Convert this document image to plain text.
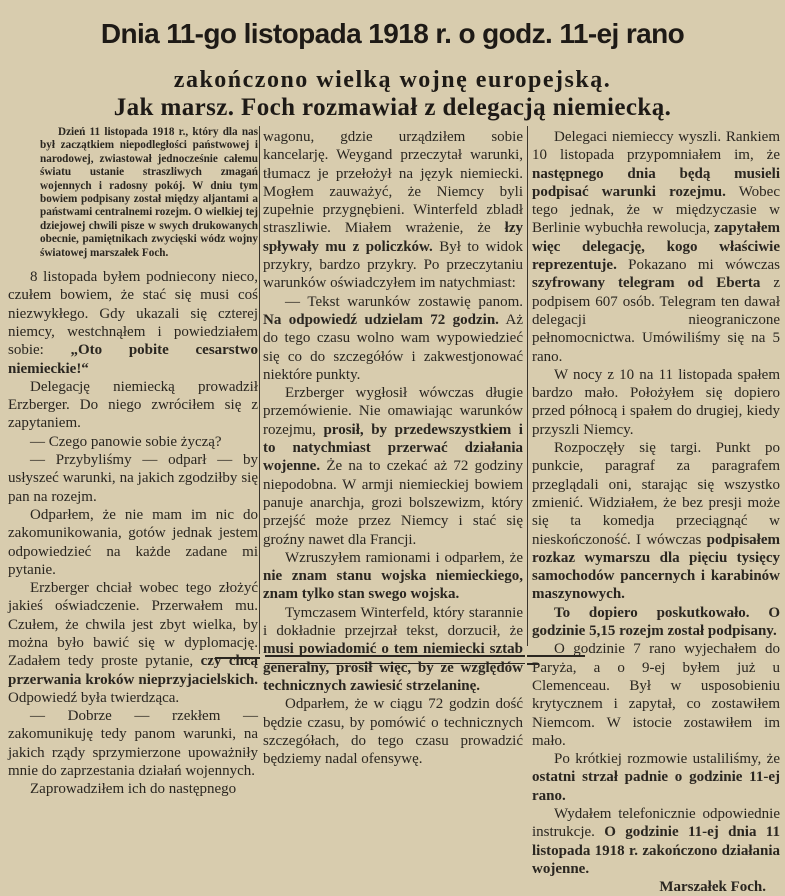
Dnia 11-go listopada 1918 r. o godz. 11-ej rano
zakończono wielką wojnę europejską.
Jak marsz. Foch rozmawiał z delegacją niemiecką.

Dzień 11 listopada 1918 r., który dla nas był zaczątkiem niepodległości państwowej i narodowej, zwiastował jednocześnie całemu światu ustanie straszliwych zmagań wojennych i radosny pokój. W dniu tym bowiem podpisany został między aljantami a państwami centralnemi rozejm. O wielkiej tej dziejowej chwili pisze w swych drukowanych obecnie, pamiętnikach zwycięski wódz wojny światowej marszałek Foch.

8 listopada byłem podniecony nieco, czułem bowiem, że stać się musi coś niezwykłego. Gdy ukazali się czterej niemcy, westchnąłem i powiedziałem sobie: „Oto pobite cesarstwo niemieckie!“

Delegację niemiecką prowadził Erzberger. Do niego zwróciłem się z zapytaniem.

— Czego panowie sobie życzą?

— Przybyliśmy — odparł — by usłyszeć warunki, na jakich zgodziłby się pan na rozejm.

Odparłem, że nie mam im nic do zakomunikowania, gotów jednak jestem odpowiedzieć na każde zadane mi pytanie.

Erzberger chciał wobec tego złożyć jakieś oświadczenie. Przerwałem mu. Czułem, że chwila jest zbyt wielka, by można było bawić się w dyplomację. Zadałem tedy proste pytanie, czy chcą przerwania kroków nieprzyjacielskich. Odpowiedź była twierdząca.

— Dobrze — rzekłem — zakomunikuję tedy panom warunki, na jakich rządy sprzymierzone upoważniły mnie do zaprzestania działań wojennych.

Zaprowadziłem ich do następnego

wagonu, gdzie urządziłem sobie kancelarję. Weygand przeczytał warunki, tłumacz je przełożył na język niemiecki. Mogłem zauważyć, że Niemcy byli zupełnie przygnębieni. Winterfeld zbladł straszliwie. Miałem wrażenie, że łzy spływały mu z policzków. Był to widok przykry, bardzo przykry. Po przeczytaniu warunków oświadczyłem im natychmiast:

— Tekst warunków zostawię panom. Na odpowiedź udzielam 72 godzin. Aż do tego czasu wolno wam wypowiedzieć się co do szczegółów i zakwestjonować niektóre punkty.

Erzberger wygłosił wówczas długie przemówienie. Nie omawiając warunków rozejmu, prosił, by przedewszystkiem i to natychmiast przerwać działania wojenne. Że na to czekać aż 72 godziny niepodobna. W armji niemieckiej bowiem panuje anarchja, grozi bolszewizm, który przejść może przez Niemcy i stać się groźny nawet dla Francji.

Wzruszyłem ramionami i odparłem, że nie znam stanu wojska niemieckiego, znam tylko stan swego wojska.

Tymczasem Winterfeld, który starannie i dokładnie przejrzał tekst, dorzucił, że musi powiadomić o tem niemiecki sztab generalny, prosił więc, by ze względów technicznych zawiesić strzelaninę.

Odparłem, że w ciągu 72 godzin dość będzie czasu, by pomówić o technicznych szczegółach, do tego czasu prowadzić będziemy nadal ofensywę.

Delegaci niemieccy wyszli. Rankiem 10 listopada przypomniałem im, że następnego dnia będą musieli podpisać warunki rozejmu. Wobec tego jednak, że w międzyczasie w Berlinie wybuchła rewolucja, zapytałem więc delegację, kogo właściwie reprezentuje. Pokazano mi wówczas szyfrowany telegram od Eberta z podpisem 607 osób. Telegram ten dawał delegacji nieograniczone pełnomocnictwa. Umówiliśmy się na 5 rano.

W nocy z 10 na 11 listopada spałem bardzo mało. Położyłem się dopiero przed północą i spałem do drugiej, kiedy przyszli Niemcy.

Rozpoczęły się targi. Punkt po punkcie, paragraf za paragrafem przeglądali oni, starając się wszystko zmienić. Widziałem, że bez presji może się ta komedja przeciągnąć w nieskończoność. I wówczas podpisałem rozkaz wymarszu dla pięciu tysięcy samochodów pancernych i karabinów maszynowych.

To dopiero poskutkowało. O godzinie 5,15 rozejm został podpisany.

O godzinie 7 rano wyjechałem do Paryża, a o 9-ej byłem już u Clemenceau. Był w usposobieniu krytycznem i zapytał, co zostawiłem Niemcom. W istocie zostawiłem im mało.

Po krótkiej rozmowie ustaliliśmy, że ostatni strzał padnie o godzinie 11-ej rano.

Wydałem telefonicznie odpowiednie instrukcje. O godzinie 11-ej dnia 11 listopada 1918 r. zakończono działania wojenne.

Marszałek Foch.
